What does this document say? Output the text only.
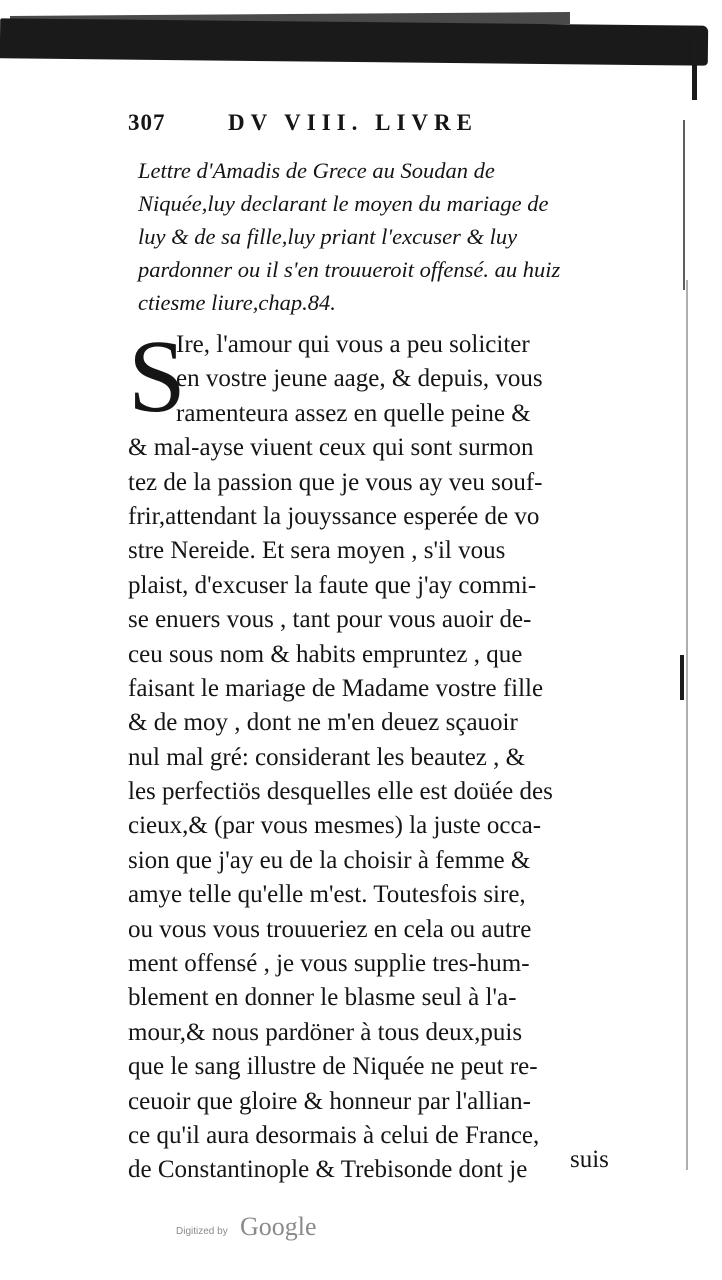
307	DV VIII. LIVRE
Lettre d'Amadis de Grece au Soudan de
Niquée,luy declarant le moyen du mariage de
luy & de sa fille,luy priant l'excuser & luy
pardonner ou il s'en trouueroit offensé. au huiz
ctiesme liure,chap.84.
S
Ire, l'amour qui vous a peu soliciter
en vostre jeune aage, & depuis, vous
ramenteura assez en quelle peine &
& mal-ayse viuent ceux qui sont surmon
tez de la passion que je vous ay veu souf-
frir,attendant la jouyssance esperée de vo
stre Nereide. Et sera moyen , s'il vous
plaist, d'excuser la faute que j'ay commi-
se enuers vous , tant pour vous auoir de-
ceu sous nom & habits empruntez , que
faisant le mariage de Madame vostre fille
& de moy , dont ne m'en deuez sçauoir
nul mal gré: considerant les beautez , &
les perfectiös desquelles elle est doüée des
cieux,& (par vous mesmes) la juste occa-
sion que j'ay eu de la choisir à femme &
amye telle qu'elle m'est. Toutesfois sire,
ou vous vous trouueriez en cela ou autre
ment offensé , je vous supplie tres-hum-
blement en donner le blasme seul à l'a-
mour,& nous pardöner à tous deux,puis
que le sang illustre de Niquée ne peut re-
ceuoir que gloire & honneur par l'allian-
ce qu'il aura desormais à celui de France,
de Constantinople & Trebisonde dont je	suis
Digitized by Google
